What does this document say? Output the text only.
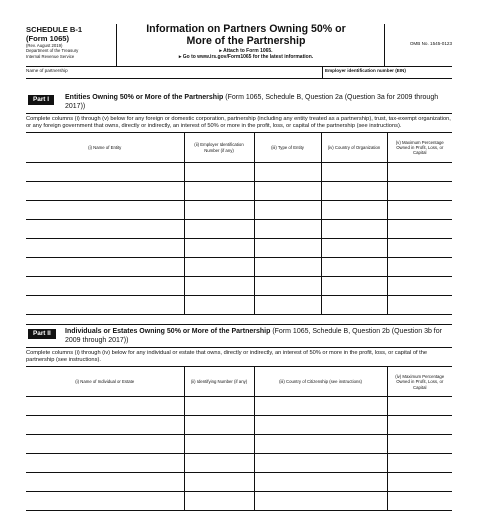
SCHEDULE B-1
(Form 1065)
(Rev. August 2019)
Department of the Treasury
Internal Revenue Service
Information on Partners Owning 50% or
More of the Partnership
▸ Attach to Form 1065.
▸ Go to www.irs.gov/Form1065 for the latest information.
OMB No. 1545-0123
Name of partnership	Employer identification number (EIN)
Part I	Entities Owning 50% or More of the Partnership (Form 1065, Schedule B, Question 2a (Question 3a for 2009 through 2017))
Complete columns (i) through (v) below for any foreign or domestic corporation, partnership (including any entity treated as a partnership), trust, tax-exempt organization, or any foreign government that owns, directly or indirectly, an interest of 50% or more in the profit, loss, or capital of the partnership (see instructions).
(i) Name of Entity	(ii) Employer Identification Number (if any)	(iii) Type of Entity	(iv) Country of Organization	(v) Maximum Percentage Owned in Profit, Loss, or Capital

Part II	Individuals or Estates Owning 50% or More of the Partnership (Form 1065, Schedule B, Question 2b (Question 3b for 2009 through 2017))
Complete columns (i) through (iv) below for any individual or estate that owns, directly or indirectly, an interest of 50% or more in the profit, loss, or capital of the partnership (see instructions).
(i) Name of Individual or Estate	(ii) Identifying Number (if any)	(iii) Country of Citizenship (see instructions)	(iv) Maximum Percentage Owned in Profit, Loss, or Capital
